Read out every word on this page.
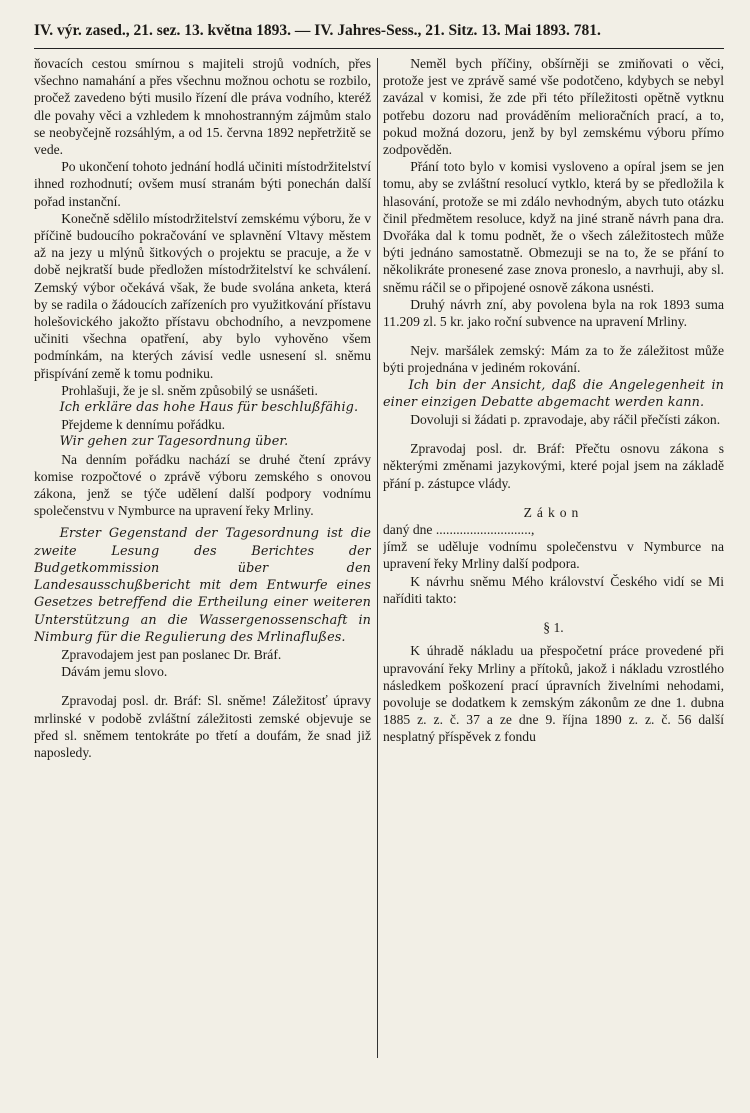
IV. výr. zased., 21. sez. 13. května 1893. — IV. Jahres-Sess., 21. Sitz. 13. Mai 1893. 781.

ňovacích cestou smírnou s majiteli strojů vodních, přes všechno namahání a přes všechnu možnou ochotu se rozbilo, pročež zavedeno býti musilo řízení dle práva vodního, kteréž dle povahy věci a vzhledem k mnohostranným zájmům stalo se neobyčejně rozsáhlým, a od 15. června 1892 nepřetržitě se vede.

Po ukončení tohoto jednání hodlá učiniti místodržitelství ihned rozhodnutí; ovšem musí stranám býti ponechán další pořad instanční.

Konečně sdělilo místodržitelství zemskému výboru, že v příčině budoucího pokračování ve splavnění Vltavy městem až na jezy u mlýnů šitkových o projektu se pracuje, a že v době nejkratší bude předložen místodržitelství ke schválení. Zemský výbor očekává však, že bude svolána anketa, která by se radila o žádoucích zařízeních pro využitkování přístavu holešovického jakožto přístavu obchodního, a nevzpomene učiniti všechna opatření, aby bylo vyhověno všem podmínkám, na kterých závisí vedle usnesení sl. sněmu přispívání země k tomu podniku.

Prohlašuji, že je sl. sněm způsobilý se usnášeti.

Ich erkläre das hohe Haus für beschlußfähig.

Přejdeme k dennímu pořádku.

Wir gehen zur Tagesordnung über.

Na denním pořádku nachází se druhé čtení zprávy komise rozpočtové o zprávě výboru zemského s onovou zákona, jenž se týče udělení další podpory vodnímu společenstvu v Nymburce na upravení řeky Mrliny.

Erster Gegenstand der Tagesordnung ist die zweite Lesung des Berichtes der Budgetkommission über den Landesausschußbericht mit dem Entwurfe eines Gesetzes betreffend die Ertheilung einer weiteren Unterstützung an die Wassergenossenschaft in Nimburg für die Regulierung des Mrlinaflußes.

Zpravodajem jest pan poslanec Dr. Bráf.

Dávám jemu slovo.

Zpravodaj posl. dr. Bráf: Sl. sněme! Záležitosť úpravy mrlinské v podobě zvláštní záležitosti zemské objevuje se před sl. sněmem tentokráte po třetí a doufám, že snad již naposledy.

Neměl bych příčiny, obšírněji se zmiňovati o věci, protože jest ve zprávě samé vše podotčeno, kdybych se nebyl zavázal v komisi, že zde při této příležitosti opětně vytknu potřebu dozoru nad prováděním melioračních prací, a to, pokud možná dozoru, jenž by byl zemskému výboru přímo zodpověděn.

Přání toto bylo v komisi vysloveno a opíral jsem se jen tomu, aby se zvláštní resolucí vytklo, která by se předložila k hlasování, protože se mi zdálo nevhodným, abych tuto otázku činil předmětem resoluce, když na jiné straně návrh pana dra. Dvořáka dal k tomu podnět, že o všech záležitostech může býti jednáno samostatně. Obmezuji se na to, že se přání to několikráte pronesené zase znova proneslo, a navrhuji, aby sl. sněmu ráčil se o připojené osnově zákona usnésti.

Druhý návrh zní, aby povolena byla na rok 1893 suma 11.209 zl. 5 kr. jako roční subvence na upravení Mrliny.

Nejv. maršálek zemský: Mám za to že záležitost může býti projednána v jediném rokování.

Ich bin der Ansicht, daß die Angelegenheit in einer einzigen Debatte abgemacht werden kann.

Dovoluji si žádati p. zpravodaje, aby ráčil přečísti zákon.

Zpravodaj posl. dr. Bráf: Přečtu osnovu zákona s některými změnami jazykovými, které pojal jsem na základě přání p. zástupce vlády.

Zákon

daný dne ............................,

jímž se uděluje vodnímu společenstvu v Nymburce na upravení řeky Mrliny další podpora.

K návrhu sněmu Mého království Českého vidí se Mi naříditi takto:

§ 1.

K úhradě nákladu ua přespočetní práce provedené při upravování řeky Mrliny a přítoků, jakož i nákladu vzrostlého následkem poškození prací úpravních živelními nehodami, povoluje se dodatkem k zemským zákonům ze dne 1. dubna 1885 z. z. č. 37 a ze dne 9. října 1890 z. z. č. 56 další nesplatný příspěvek z fondu
